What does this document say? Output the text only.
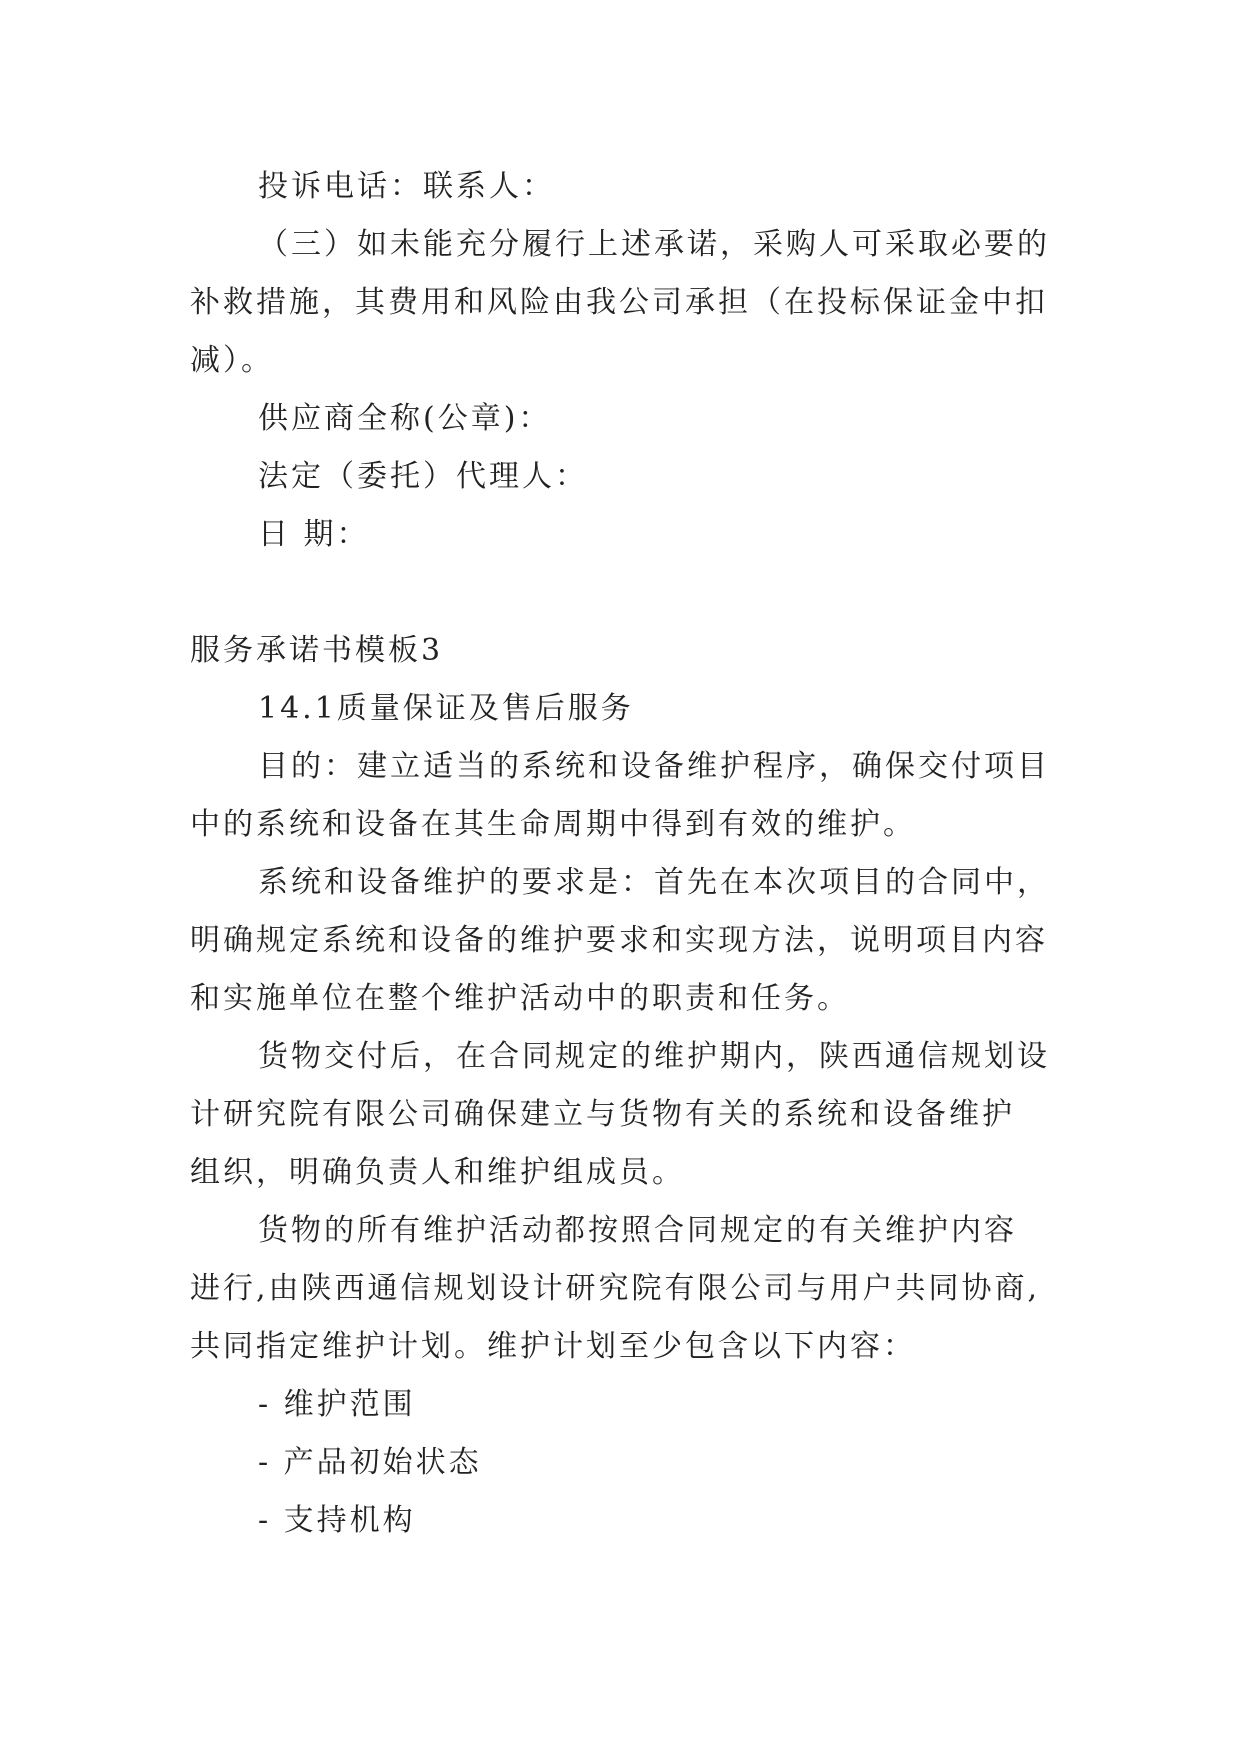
投诉电话：联系人：
（三）如未能充分履行上述承诺，采购人可采取必要的
补救措施，其费用和风险由我公司承担（在投标保证金中扣
减）。
供应商全称(公章)：
法定（委托）代理人：
日 期：
服务承诺书模板3
14.1质量保证及售后服务
目的：建立适当的系统和设备维护程序，确保交付项目
中的系统和设备在其生命周期中得到有效的维护。
系统和设备维护的要求是：首先在本次项目的合同中，
明确规定系统和设备的维护要求和实现方法，说明项目内容
和实施单位在整个维护活动中的职责和任务。
货物交付后，在合同规定的维护期内，陕西通信规划设
计研究院有限公司确保建立与货物有关的系统和设备维护
组织，明确负责人和维护组成员。
货物的所有维护活动都按照合同规定的有关维护内容
进行,由陕西通信规划设计研究院有限公司与用户共同协商,
共同指定维护计划。维护计划至少包含以下内容：
- 维护范围
- 产品初始状态
- 支持机构
